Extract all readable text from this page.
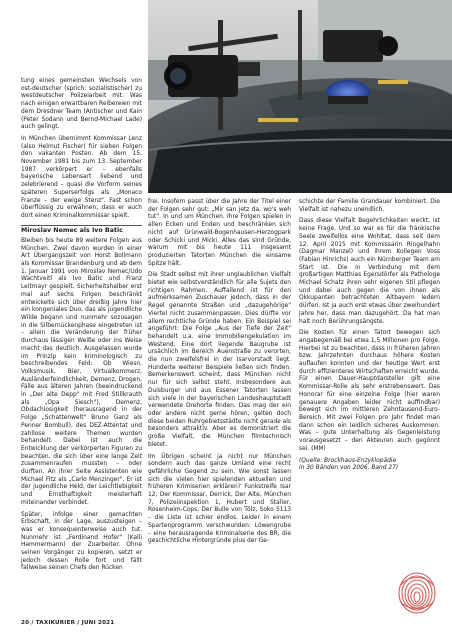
tung eines gemeinsten Wechsels von ost-deutscher (sprich: sozialistischer) zu westdeutscher Polizeiarbeit mit. Was nach einigen erwartbaren Reibereien mit dem Dresdner Team (Antischer und Kain (Peter Sodann und Bernd-Michael Lade) auch gelingt.

In München übernimmt Kommissar Lenz (also Helmut Fischer) für sieben Folgen den vakanten Posten. Ab dem 15. November 1981 bis zum 13. September 1987 verkörpert er – ebenfalls bayerische Lebensart liebend und zelebrierend – quasi die Vorform seines späteren Superserfolgs als „Monaco Franze – der ewige Stenz". Fast schon überflüssig zu erwähnen, dass er auch dort einen Kriminalkommissar spielt.

Miroslav Nemec als Ivo Batic

Bleiben bis heute 89 weitere Folgen aus München. Zwei davon wurden in einer Art Übergangszeit von Horst Bollmann als Kommissar Brandenburg und ab dem 1. Januar 1991 von Miroslav Nemec/Udo Wachtveitl als Ivo Batic und Franz Leitmayr gespielt. Sicherheitshalber erst mal auf sechs Folgen beschränkt entwickelte sich über dreißig Jahre hier ein kongeniales Duo, das als jugendliche Wilde begann und nunmehr sozusagen in die Silbernückenphase eingetreten ist – allein die Veränderung der früher durchaus lässigen Weiße oder ins Weise macht das deutlich. Ausgelassen wurde im Prinzip kein kriminologisch zu beschreibendes Feld: Ob Wiesn, Volksmusik, Bier, Virtualkommerz, Ausländerfeindlichkeit, Demenz, Drogen, Fälle aus älteren Jahren (beeindruckend in „Der alte Depp" mit Fred Stillkrauth als „Opa Siesch"), Demenz, Obdachlosigkeit (herausragend in der Folge „Schattenwelt" Bruno Ganz als Penner Bombull), des DEZ-Attentat und zahllose weitere Themen wurden behandelt. Dabei ist auch die Entwicklung der verkörperten Figuren zu beachten, die sich über eine lange Zeit zusammenraufen mussten – oder durften. An ihrer Seite Assistenten wie Michael Fitz als „Carlo Menzinger". Er ist der jugendliche Held, der Leichtlebigkeit und Ernsthaftigkeit meisterhaft miteinander verbindet.

Später, infolge einer gemachten Erbschaft, in der Lage, auszusteigen – was er konsequenterweise auch tut. Nunmehr ist „Ferdinand Hofer" (Kalli Hammermann) der Zuarbeiter. Ohne seinen Vorgänger zu kopieren, setzt er jedoch dessen Rolle fort und fällt fallweise seinen Chefs den Rücken

frei. Insofern passt über die Jahre der Titel einer der Folgen sehr gut: „Mir san jetz da, wo's weh tut". In und um München. Ihre Folgen spielen in allen Ecken und Enden und beschränken sich nicht auf Grünwald-Bogenhausen-Herzogpark oder Schicki und Micki. Alles das sind Gründe, warum mit bis heute 111 insgesamt produzierten Tatorten München die einsame Spitze hält.

Die Stadt selbst mit ihrer unglaublichen Vielfalt bietet wie selbstverständlich für alle Sujets den richtigen Rahmen. Auffallend ist für den aufmerksamen Zuschauer jedoch, dass in der Regel genannte Straßen und „dazugehörige" Viertel nicht zusammenpassen. Dies dürfte vor allem rechtliche Gründe haben. Ein Beispiel sei angeführt: Die Folge „Aus der Tiefe der Zeit" behandelt u.a. eine Immobiliengekulation im Westend. Eine dort liegende Baugrube ist ursächlich im Bereich Auenstraße zu verorten, die nun zweifelsfrei in der Isarvorstadt liegt. Hunderte weiterer Beispiele ließen sich finden. Bemerkenswert scheint, dass München nicht nur für sich selbst steht. Insbesondere aus Duisburger und aus Essener Tatorten lassen sich viele in der bayerischen Landeshauptstadt verwendete Drehorte finden. Das mag der ein oder andere nicht gerne hören, gelten doch diese beiden Ruhrgebietsstädte nicht gerade als besonders attraktiv. Aber es demonstriert die große Vielfalt, die München filmtechnisch bietet.

Im Übrigen scheint ja nicht nur München sondern auch das ganze Umland eine recht gefährliche Gegend zu sein. Wie sonst lassen sich die vielen hier spielenden aktuellen und früheren Krimiserien erklären? Funkstreife Isar 12, Der Kommissar, Derrick, Der Alte, München 7, Polizeiinspektion 1, Hubert und Staller, Rosenheim-Cops, Der Bulle von Tölz, Soko 5113 – die Liste ist schier endlos. Leider in einem Spartenprogramm verschwunden: Löwengrube – eine herausragende Kriminalserie des BR, die geschichtliche Hintergründe plus der Ge-

schichte der Familie Grandauer kombiniert. Die Vielfalt ist nahezu unendlich.

Dass diese Vielfalt Begehrlichkeiten weckt, ist keine Frage. Und so war es für die fränkische Seele zweifellos eine Wohltat, dass seit dem 12. April 2015 mit Kommissarin Ringelhahn (Dagmar Manzel) und ihrem Kollegen Voss (Fabian Hinrichs) auch ein Nürnberger Team am Start ist. Die in Verbindung mit dem großartigen Matthias Egersdörfer als Pathologe Michael Schatz ihren sehr eigenen Stil pflegen und dabei auch gegen die von ihnen als Okkupanten betrachteten Altbayern ledern dürfen. Ist ja auch erst etwas über zweihundert Jahre her, dass man dazugehört. Da hat man halt noch Berührungsängste.

Die Kosten für einen Tatort bewegen sich angabegemäß bei etwa 1,5 Millionen pro Folge. Hierbei ist zu beachten, dass in früheren Jahren bzw. Jahrzehnten durchaus höhere Kosten auflaufen konnten und der heutige Wert erst durch effizienteres Wirtschaften erreicht wurde. Für einen Dauer-Hauptdarsteller gilt eine Kommissar-Rolle als sehr erstrebenswert. Das Honorar für eine einzelne Folge (hier waren genauere Angaben leider nicht auffindbar) bewegt sich im mittleren Zehntausend-Euro-Bereich. Mit zwei Folgen pro Jahr findet man dann schon ein leidlich sicheres Auskommen. Was – gute Unterhaltung als Gegenleistung vorausgesetzt – den Akteuren auch gegönnt sei. (MM)

(Quelle: Brockhaus-Enzyklopädie
in 30 Bänden von 2006, Band 27)

20 / TAXIKURIER / JUNI 2021
